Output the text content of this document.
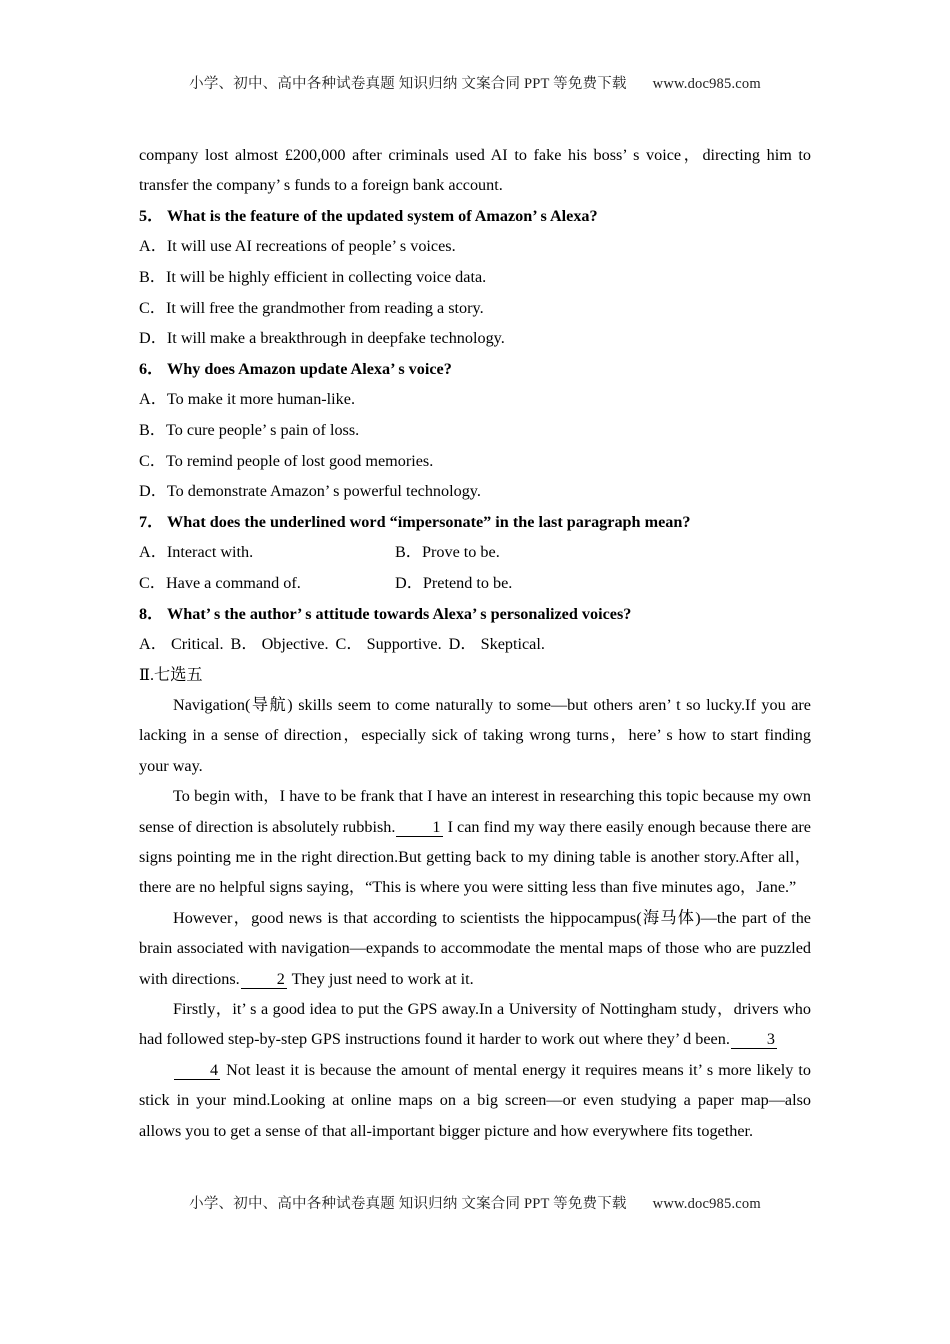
小学、初中、高中各种试卷真题 知识归纳 文案合同 PPT 等免费下载 www.doc985.com

company lost almost £200,000 after criminals used AI to fake his boss’ s voice，directing him to transfer the company’ s funds to a foreign bank account.

5． What is the feature of the updated system of Amazon’ s Alexa?

A．It will use AI recreations of people’ s voices.

B．It will be highly efficient in collecting voice data.

C．It will free the grandmother from reading a story.

D．It will make a breakthrough in deepfake technology.

6． Why does Amazon update Alexa’ s voice?

A．To make it more human-like.

B．To cure people’ s pain of loss.

C．To remind people of lost good memories.

D．To demonstrate Amazon’ s powerful technology.

7． What does the underlined word “impersonate” in the last paragraph mean?

A．Interact with.	B．Prove to be.
C．Have a command of.	D．Pretend to be.

8． What’ s the author’ s attitude towards Alexa’ s personalized voices?

A． Critical. B． Objective. C． Supportive. D． Skeptical.

Ⅱ.七选五

Navigation(导航) skills seem to come naturally to some—but others aren’ t so lucky.If you are lacking in a sense of direction，especially sick of taking wrong turns，here’ s how to start finding your way.

To begin with，I have to be frank that I have an interest in researching this topic because my own sense of direction is absolutely rubbish. 1 I can find my way there easily enough because there are signs pointing me in the right direction.But getting back to my dining table is another story.After all，there are no helpful signs saying，“This is where you were sitting less than five minutes ago，Jane.”

However，good news is that according to scientists the hippocampus(海马体)—the part of the brain associated with navigation—expands to accommodate the mental maps of those who are puzzled with directions. 2 They just need to work at it.

Firstly，it’ s a good idea to put the GPS away.In a University of Nottingham study，drivers who had followed step-by-step GPS instructions found it harder to work out where they’ d been. 3

4 Not least it is because the amount of mental energy it requires means it’ s more likely to stick in your mind.Looking at online maps on a big screen—or even studying a paper map—also allows you to get a sense of that all-important bigger picture and how everywhere fits together.

小学、初中、高中各种试卷真题 知识归纳 文案合同 PPT 等免费下载 www.doc985.com
